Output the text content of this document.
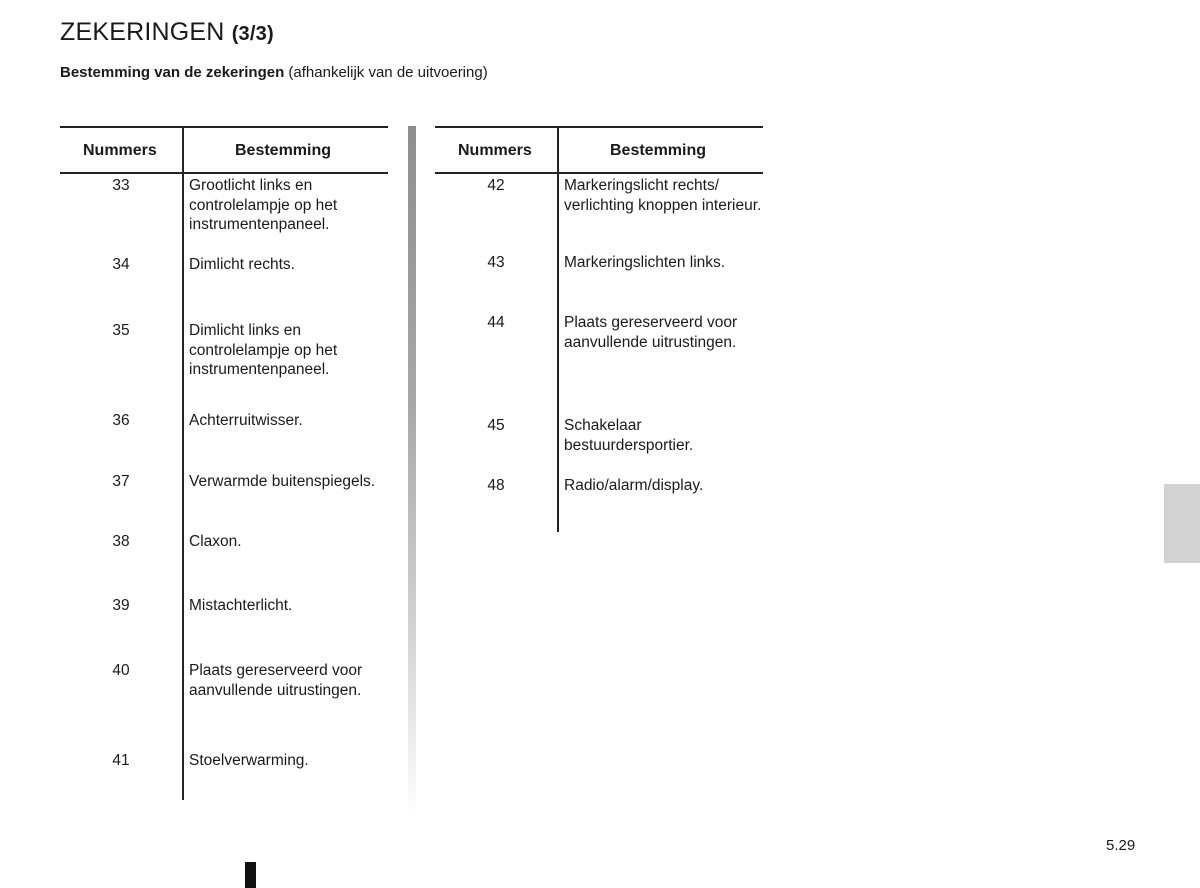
ZEKERINGEN (3/3)
Bestemming van de zekeringen (afhankelijk van de uitvoering)
Nummers	Bestemming
33	Grootlicht links en controlelampje op het instrumentenpaneel.
34	Dimlicht rechts.
35	Dimlicht links en controlelampje op het instrumentenpaneel.
36	Achterruitwisser.
37	Verwarmde buitenspiegels.
38	Claxon.
39	Mistachterlicht.
40	Plaats gereserveerd voor aanvullende uitrustingen.
41	Stoelverwarming.
Nummers	Bestemming
42	Markeringslicht rechts/ verlichting knoppen interieur.
43	Markeringslichten links.
44	Plaats gereserveerd voor aanvullende uitrustingen.
45	Schakelaar bestuurdersportier.
48	Radio/alarm/display.
5.29
